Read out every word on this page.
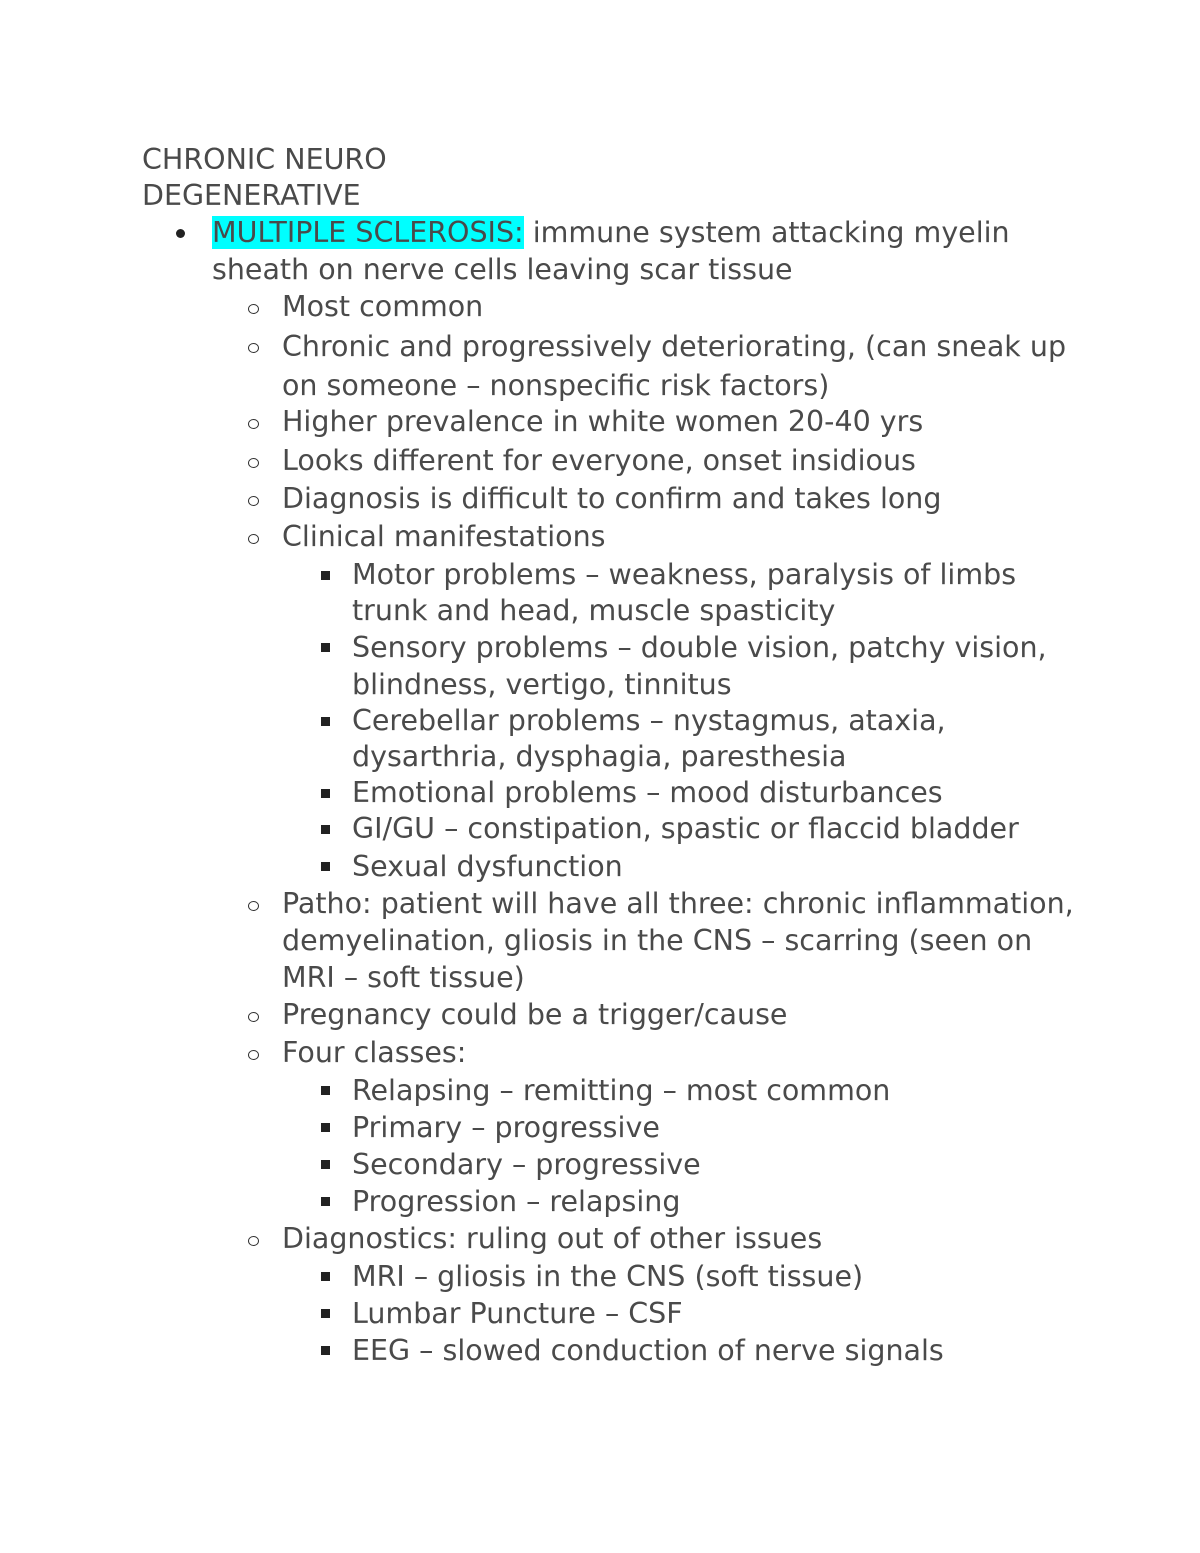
CHRONIC NEURO

DEGENERATIVE

MULTIPLE SCLEROSIS: immune system attacking myelin sheath on nerve cells leaving scar tissue
Most common
Chronic and progressively deteriorating, (can sneak up on someone – nonspecific risk factors)
Higher prevalence in white women 20-40 yrs
Looks different for everyone, onset insidious
Diagnosis is difficult to confirm and takes long
Clinical manifestations
Motor problems – weakness, paralysis of limbs trunk and head, muscle spasticity
Sensory problems – double vision, patchy vision, blindness, vertigo, tinnitus
Cerebellar problems – nystagmus, ataxia, dysarthria, dysphagia, paresthesia
Emotional problems – mood disturbances
GI/GU – constipation, spastic or flaccid bladder
Sexual dysfunction
Patho: patient will have all three: chronic inflammation, demyelination, gliosis in the CNS – scarring (seen on MRI – soft tissue)
Pregnancy could be a trigger/cause
Four classes:
Relapsing – remitting – most common
Primary – progressive
Secondary – progressive
Progression – relapsing
Diagnostics: ruling out of other issues
MRI – gliosis in the CNS (soft tissue)
Lumbar Puncture – CSF
EEG – slowed conduction of nerve signals
